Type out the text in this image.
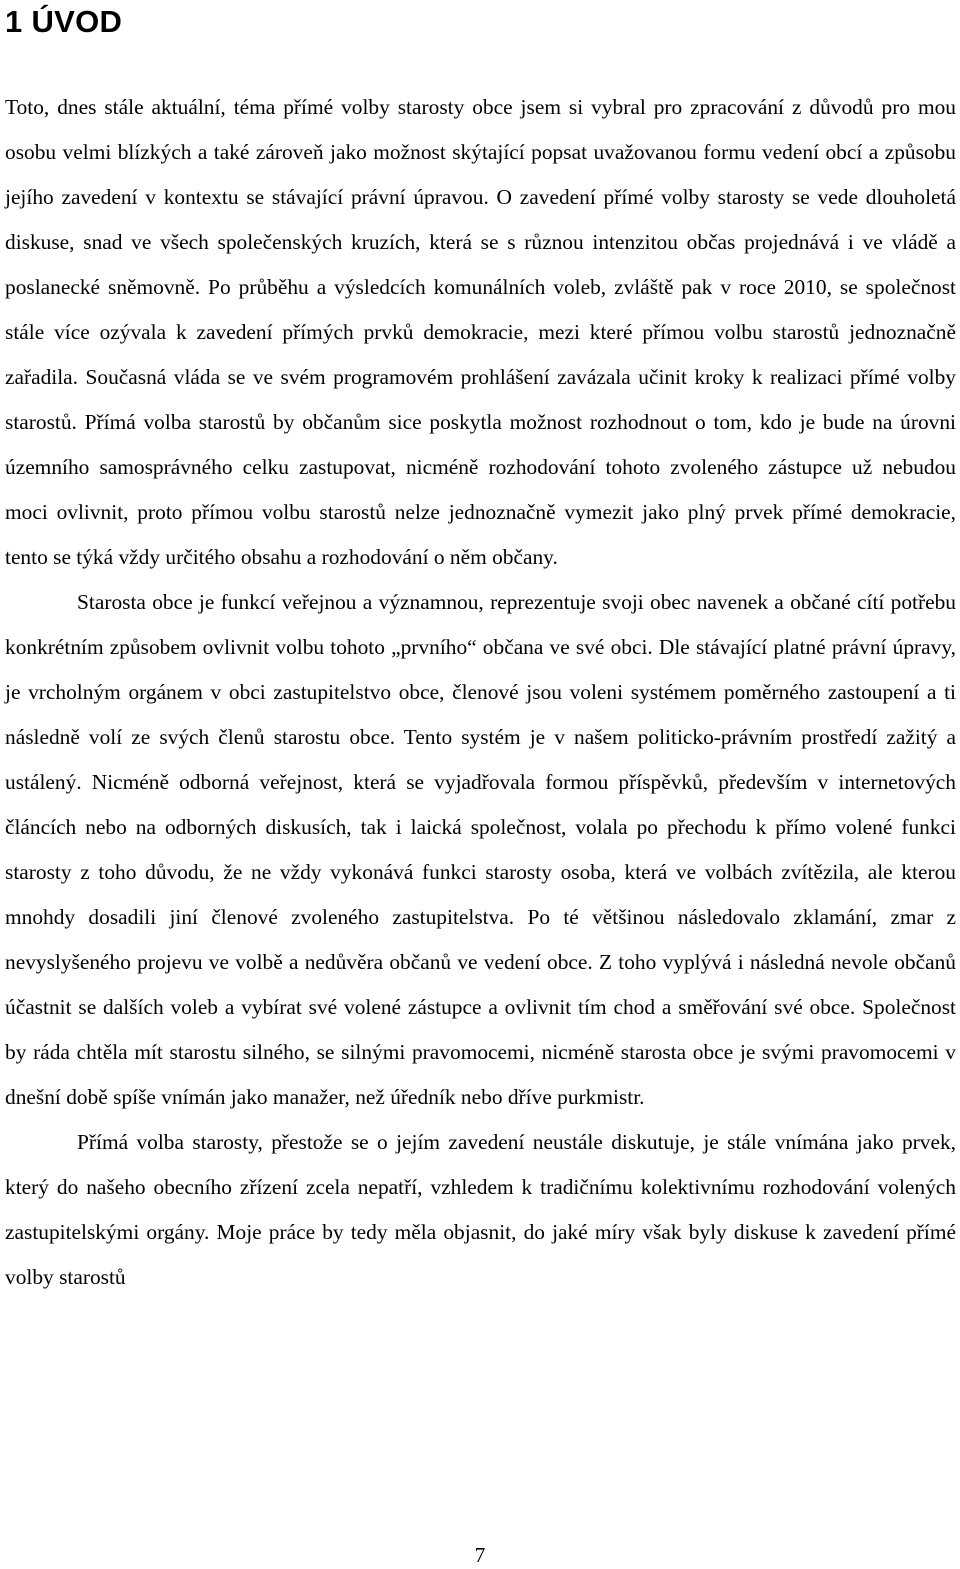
1 ÚVOD

Toto, dnes stále aktuální, téma přímé volby starosty obce jsem si vybral pro zpracování z důvodů pro mou osobu velmi blízkých a také zároveň jako možnost skýtající popsat uvažovanou formu vedení obcí a způsobu jejího zavedení v kontextu se stávající právní úpravou. O zavedení přímé volby starosty se vede dlouholetá diskuse, snad ve všech společenských kruzích, která se s různou intenzitou občas projednává i ve vládě a poslanecké sněmovně. Po průběhu a výsledcích komunálních voleb, zvláště pak v roce 2010, se společnost stále více ozývala k zavedení přímých prvků demokracie, mezi které přímou volbu starostů jednoznačně zařadila. Současná vláda se ve svém programovém prohlášení zavázala učinit kroky k realizaci přímé volby starostů. Přímá volba starostů by občanům sice poskytla možnost rozhodnout o tom, kdo je bude na úrovni územního samosprávného celku zastupovat, nicméně rozhodování tohoto zvoleného zástupce už nebudou moci ovlivnit, proto přímou volbu starostů nelze jednoznačně vymezit jako plný prvek přímé demokracie, tento se týká vždy určitého obsahu a rozhodování o něm občany.

Starosta obce je funkcí veřejnou a významnou, reprezentuje svoji obec navenek a občané cítí potřebu konkrétním způsobem ovlivnit volbu tohoto „prvního“ občana ve své obci. Dle stávající platné právní úpravy, je vrcholným orgánem v obci zastupitelstvo obce, členové jsou voleni systémem poměrného zastoupení a ti následně volí ze svých členů starostu obce. Tento systém je v našem politicko-právním prostředí zažitý a ustálený. Nicméně odborná veřejnost, která se vyjadřovala formou příspěvků, především v internetových článcích nebo na odborných diskusích, tak i laická společnost, volala po přechodu k přímo volené funkci starosty z toho důvodu, že ne vždy vykonává funkci starosty osoba, která ve volbách zvítězila, ale kterou mnohdy dosadili jiní členové zvoleného zastupitelstva. Po té většinou následovalo zklamání, zmar z nevyslyšeného projevu ve volbě a nedůvěra občanů ve vedení obce. Z toho vyplývá i následná nevole občanů účastnit se dalších voleb a vybírat své volené zástupce a ovlivnit tím chod a směřování své obce. Společnost by ráda chtěla mít starostu silného, se silnými pravomocemi, nicméně starosta obce je svými pravomocemi v dnešní době spíše vnímán jako manažer, než úředník nebo dříve purkmistr.

Přímá volba starosty, přestože se o jejím zavedení neustále diskutuje, je stále vnímána jako prvek, který do našeho obecního zřízení zcela nepatří, vzhledem k tradičnímu kolektivnímu rozhodování volených zastupitelskými orgány. Moje práce by tedy měla objasnit, do jaké míry však byly diskuse k zavedení přímé volby starostů

7
